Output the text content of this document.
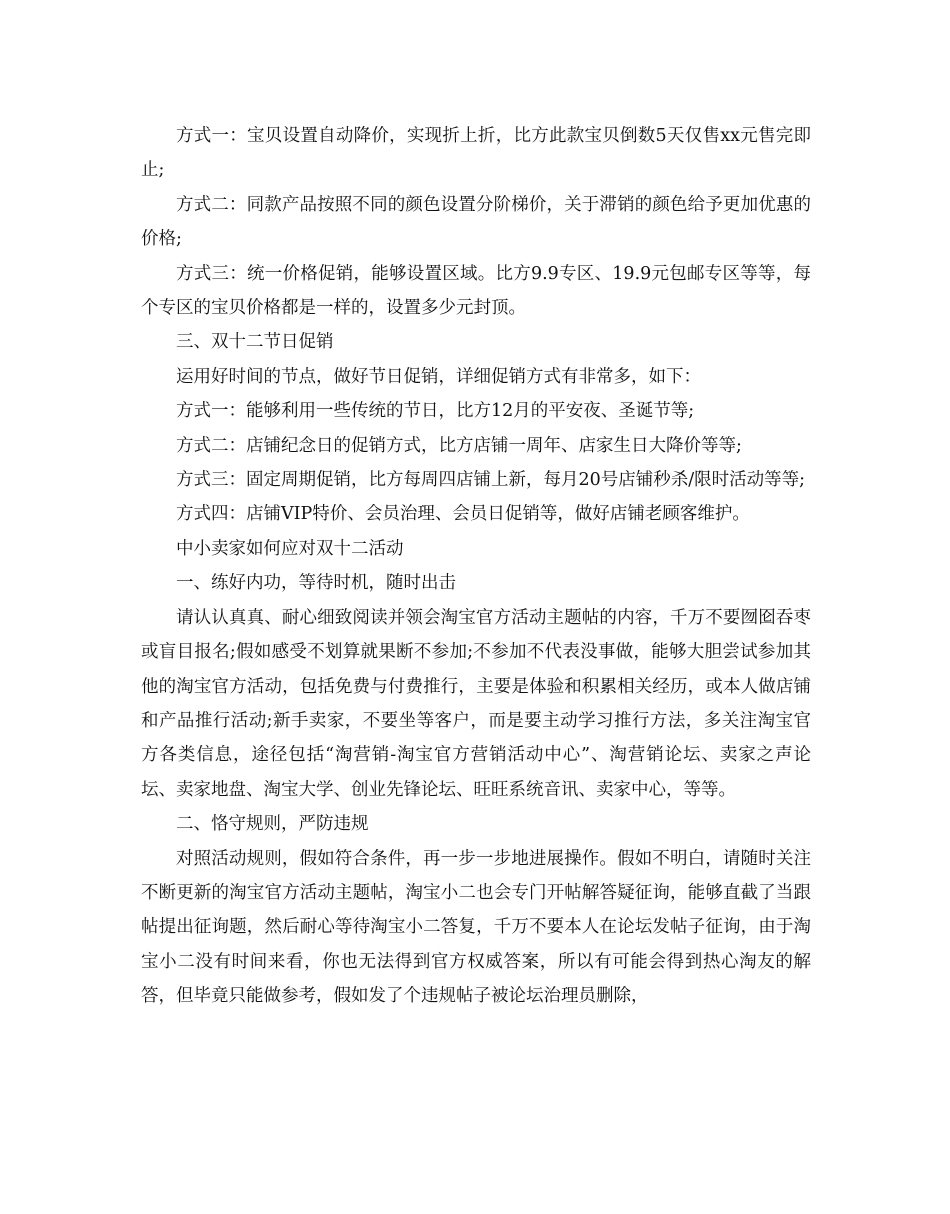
方式一：宝贝设置自动降价，实现折上折，比方此款宝贝倒数5天仅售xx元售完即止;

方式二：同款产品按照不同的颜色设置分阶梯价，关于滞销的颜色给予更加优惠的价格;

方式三：统一价格促销，能够设置区域。比方9.9专区、19.9元包邮专区等等，每个专区的宝贝价格都是一样的，设置多少元封顶。

三、双十二节日促销

运用好时间的节点，做好节日促销，详细促销方式有非常多，如下：

方式一：能够利用一些传统的节日，比方12月的平安夜、圣诞节等;

方式二：店铺纪念日的促销方式，比方店铺一周年、店家生日大降价等等;

方式三：固定周期促销，比方每周四店铺上新，每月20号店铺秒杀/限时活动等等;

方式四：店铺VIP特价、会员治理、会员日促销等，做好店铺老顾客维护。

中小卖家如何应对双十二活动

一、练好内功，等待时机，随时出击

请认认真真、耐心细致阅读并领会淘宝官方活动主题帖的内容，千万不要囫囵吞枣或盲目报名;假如感受不划算就果断不参加;不参加不代表没事做，能够大胆尝试参加其他的淘宝官方活动，包括免费与付费推行，主要是体验和积累相关经历，或本人做店铺和产品推行活动;新手卖家，不要坐等客户，而是要主动学习推行方法，多关注淘宝官方各类信息，途径包括“淘营销-淘宝官方营销活动中心”、淘营销论坛、卖家之声论坛、卖家地盘、淘宝大学、创业先锋论坛、旺旺系统音讯、卖家中心，等等。

二、恪守规则，严防违规

对照活动规则，假如符合条件，再一步一步地进展操作。假如不明白，请随时关注不断更新的淘宝官方活动主题帖，淘宝小二也会专门开帖解答疑征询，能够直截了当跟帖提出征询题，然后耐心等待淘宝小二答复，千万不要本人在论坛发帖子征询，由于淘宝小二没有时间来看，你也无法得到官方权威答案，所以有可能会得到热心淘友的解答，但毕竟只能做参考，假如发了个违规帖子被论坛治理员删除，
